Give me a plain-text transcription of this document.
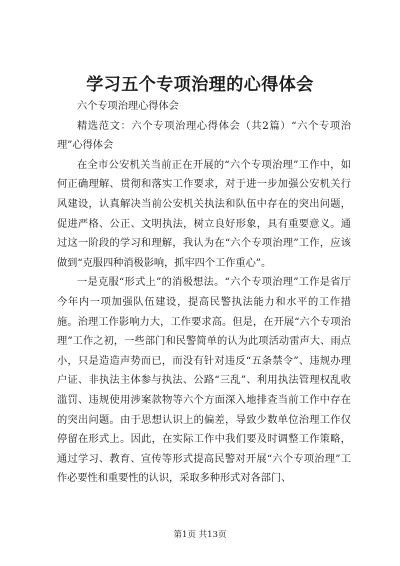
学习五个专项治理的心得体会

六个专项治理心得体会

精选范文：六个专项治理心得体会（共2篇）“六个专项治理”心得体会

在全市公安机关当前正在开展的“六个专项治理”工作中，如何正确理解、贯彻和落实工作要求，对于进一步加强公安机关行风建设，认真解决当前公安机关执法和队伍中存在的突出问题，促进严格、公正、文明执法，树立良好形象，具有重要意义。通过这一阶段的学习和理解，我认为在“六个专项治理”工作，应该做到“克服四种消极影响，抓牢四个工作重心”。

一是克服“形式上”的消极想法。“六个专项治理”工作是省厅今年内一项加强队伍建设，提高民警执法能力和水平的工作措施。治理工作影响力大，工作要求高。但是，在开展“六个专项治理”工作之初，一些部门和民警简单的认为此项活动雷声大、雨点小，只是造造声势而已，而没有针对违反“五条禁令”、违规办理户证、非执法主体参与执法、公路“三乱”、利用执法管理权乱收滥罚、违规使用涉案款物等六个方面深入地排查当前工作中存在的突出问题。由于思想认识上的偏差，导致少数单位治理工作仅停留在形式上。因此，在实际工作中我们要及时调整工作策略，通过学习、教育、宣传等形式提高民警对开展“六个专项治理”工作必要性和重要性的认识，采取多种形式对各部门、

第1页 共13页
